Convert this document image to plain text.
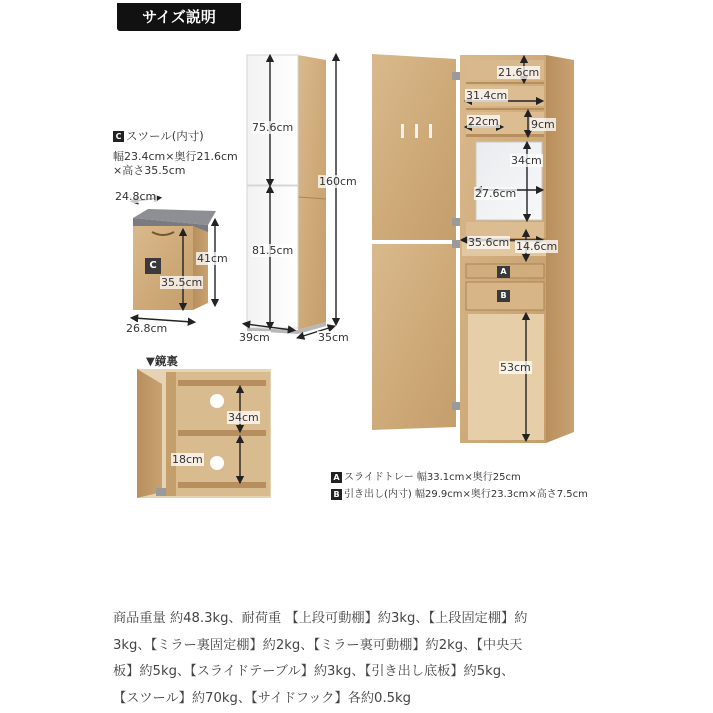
サイズ説明
C スツール(内寸)
幅23.4cm×奥行21.6cm
×高さ35.5cm
24.8cm
41cm
35.5cm
26.8cm
C
75.6cm
81.5cm
160cm
39cm	35cm
21.6cm
31.4cm
22cm	9cm
34cm
27.6cm
35.6cm 14.6cm
53cm
A
B
▼鏡裏
34cm
18cm
A スライドトレー 幅33.1cm×奥行25cm
B 引き出し(内寸) 幅29.9cm×奥行23.3cm×高さ7.5cm
商品重量 約48.3kg、耐荷重 【上段可動棚】約3kg、【上段固定棚】約
3kg、【ミラー裏固定棚】約2kg、【ミラー裏可動棚】約2kg、【中央天
板】約5kg、【スライドテーブル】約3kg、【引き出し底板】約5kg、
【スツール】約70kg、【サイドフック】各約0.5kg
